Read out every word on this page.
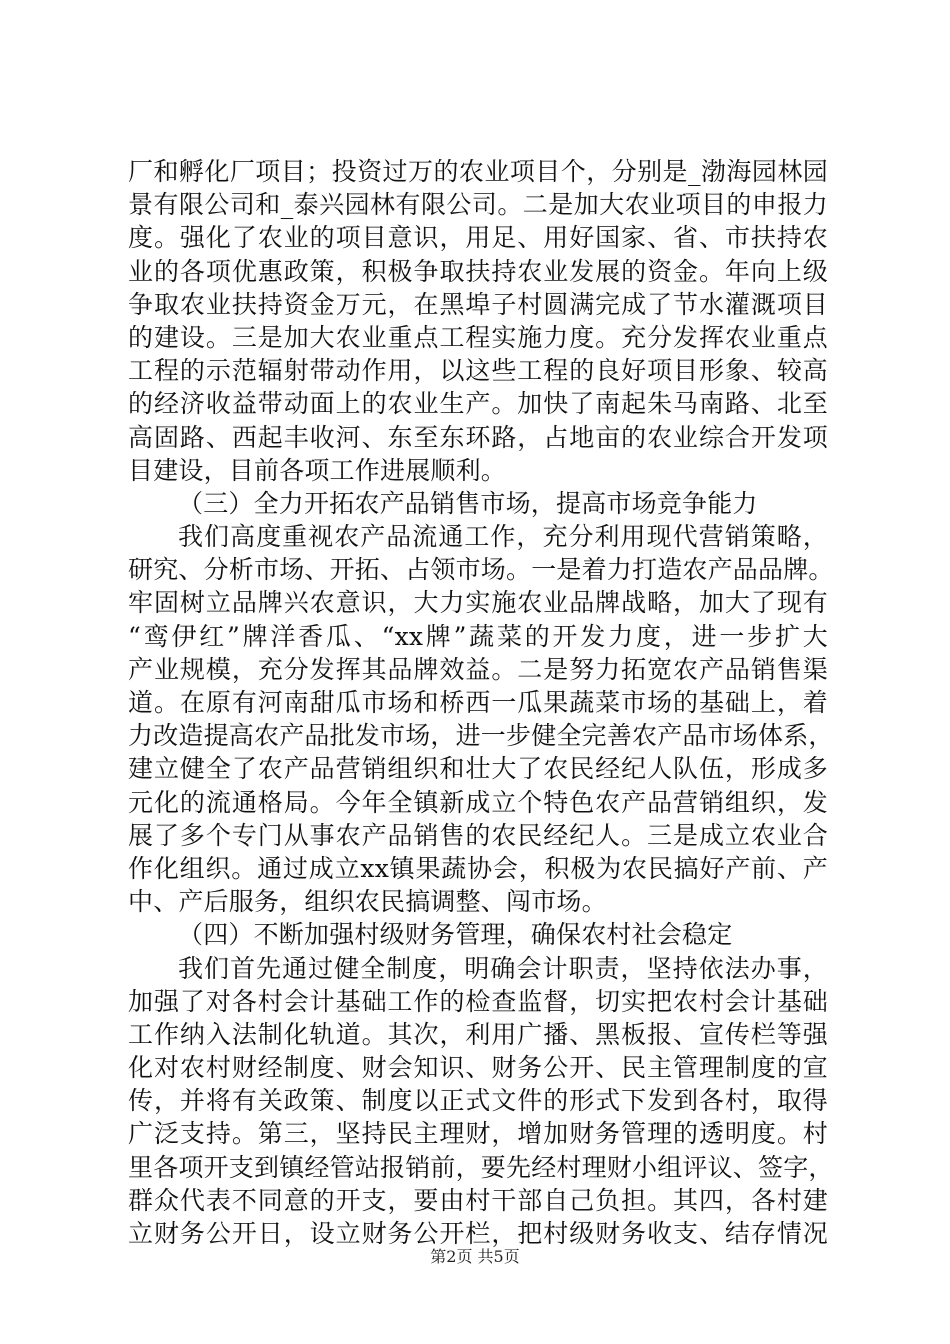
厂和孵化厂项目；投资过万的农业项目个，分别是_渤海园林园
景有限公司和_泰兴园林有限公司。二是加大农业项目的申报力
度。强化了农业的项目意识，用足、用好国家、省、市扶持农
业的各项优惠政策，积极争取扶持农业发展的资金。年向上级
争取农业扶持资金万元，在黑埠子村圆满完成了节水灌溉项目
的建设。三是加大农业重点工程实施力度。充分发挥农业重点
工程的示范辐射带动作用，以这些工程的良好项目形象、较高
的经济收益带动面上的农业生产。加快了南起朱马南路、北至
高固路、西起丰收河、东至东环路，占地亩的农业综合开发项
目建设，目前各项工作进展顺利。
（三）全力开拓农产品销售市场，提高市场竞争能力
我们高度重视农产品流通工作，充分利用现代营销策略，
研究、分析市场、开拓、占领市场。一是着力打造农产品品牌。
牢固树立品牌兴农意识，大力实施农业品牌战略，加大了现有
“鸾伊红”牌洋香瓜、“xx牌”蔬菜的开发力度，进一步扩大
产业规模，充分发挥其品牌效益。二是努力拓宽农产品销售渠
道。在原有河南甜瓜市场和桥西一瓜果蔬菜市场的基础上，着
力改造提高农产品批发市场，进一步健全完善农产品市场体系，
建立健全了农产品营销组织和壮大了农民经纪人队伍，形成多
元化的流通格局。今年全镇新成立个特色农产品营销组织，发
展了多个专门从事农产品销售的农民经纪人。三是成立农业合
作化组织。通过成立xx镇果蔬协会，积极为农民搞好产前、产
中、产后服务，组织农民搞调整、闯市场。
（四）不断加强村级财务管理，确保农村社会稳定
我们首先通过健全制度，明确会计职责，坚持依法办事，
加强了对各村会计基础工作的检查监督，切实把农村会计基础
工作纳入法制化轨道。其次，利用广播、黑板报、宣传栏等强
化对农村财经制度、财会知识、财务公开、民主管理制度的宣
传，并将有关政策、制度以正式文件的形式下发到各村，取得
广泛支持。第三，坚持民主理财，增加财务管理的透明度。村
里各项开支到镇经管站报销前，要先经村理财小组评议、签字，
群众代表不同意的开支，要由村干部自己负担。其四，各村建
立财务公开日，设立财务公开栏，把村级财务收支、结存情况
第2页 共5页
